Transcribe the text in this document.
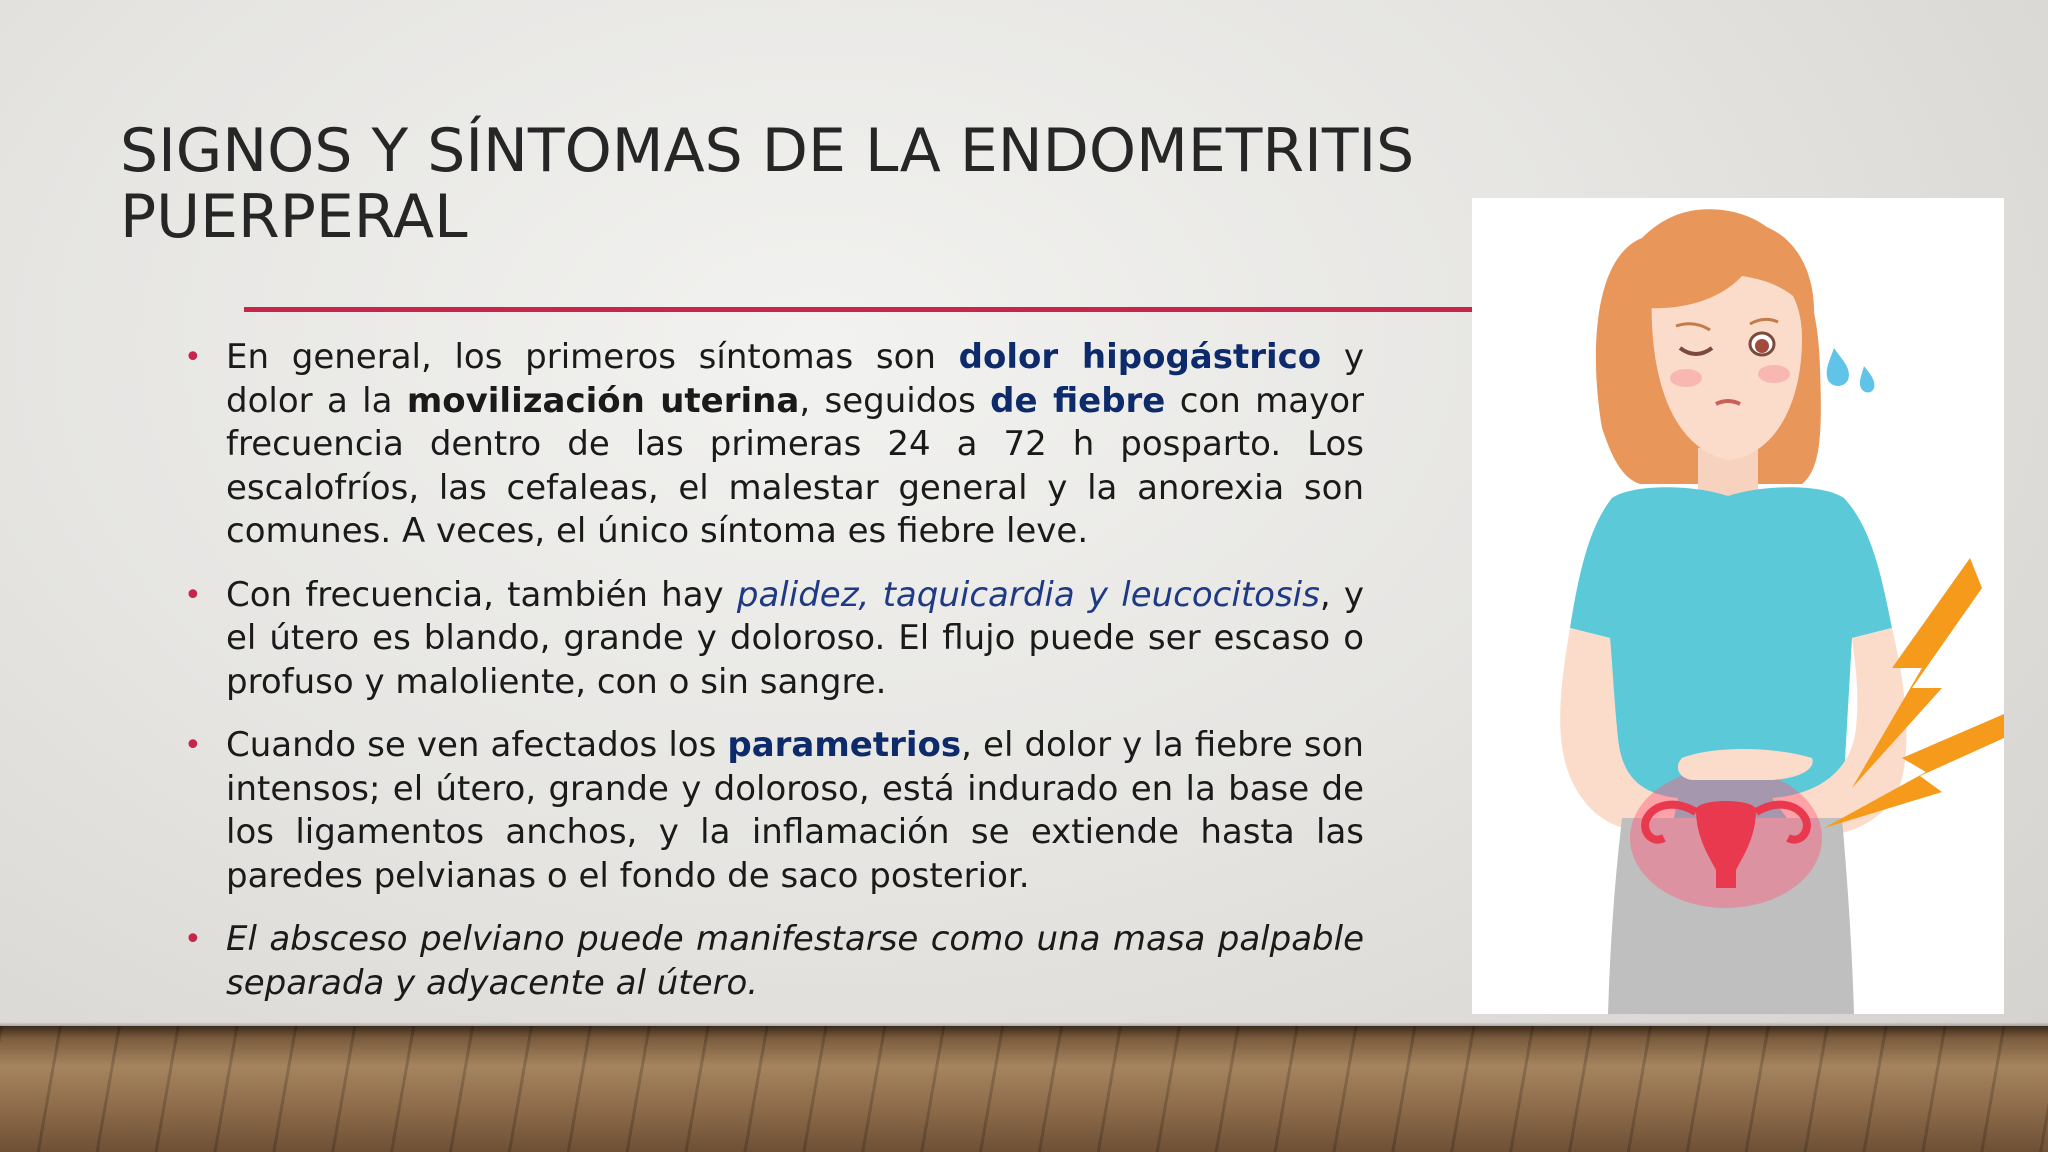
SIGNOS Y SÍNTOMAS DE LA ENDOMETRITIS
PUERPERAL
• En general, los primeros síntomas son dolor hipogástrico y dolor a la movilización uterina, seguidos de fiebre con mayor frecuencia dentro de las primeras 24 a 72 h posparto. Los escalofríos, las cefaleas, el malestar general y la anorexia son comunes. A veces, el único síntoma es fiebre leve.
• Con frecuencia, también hay palidez, taquicardia y leucocitosis, y el útero es blando, grande y doloroso. El flujo puede ser escaso o profuso y maloliente, con o sin sangre.
• Cuando se ven afectados los parametrios, el dolor y la fiebre son intensos; el útero, grande y doloroso, está indurado en la base de los ligamentos anchos, y la inflamación se extiende hasta las paredes pelvianas o el fondo de saco posterior.
• El absceso pelviano puede manifestarse como una masa palpable separada y adyacente al útero.
